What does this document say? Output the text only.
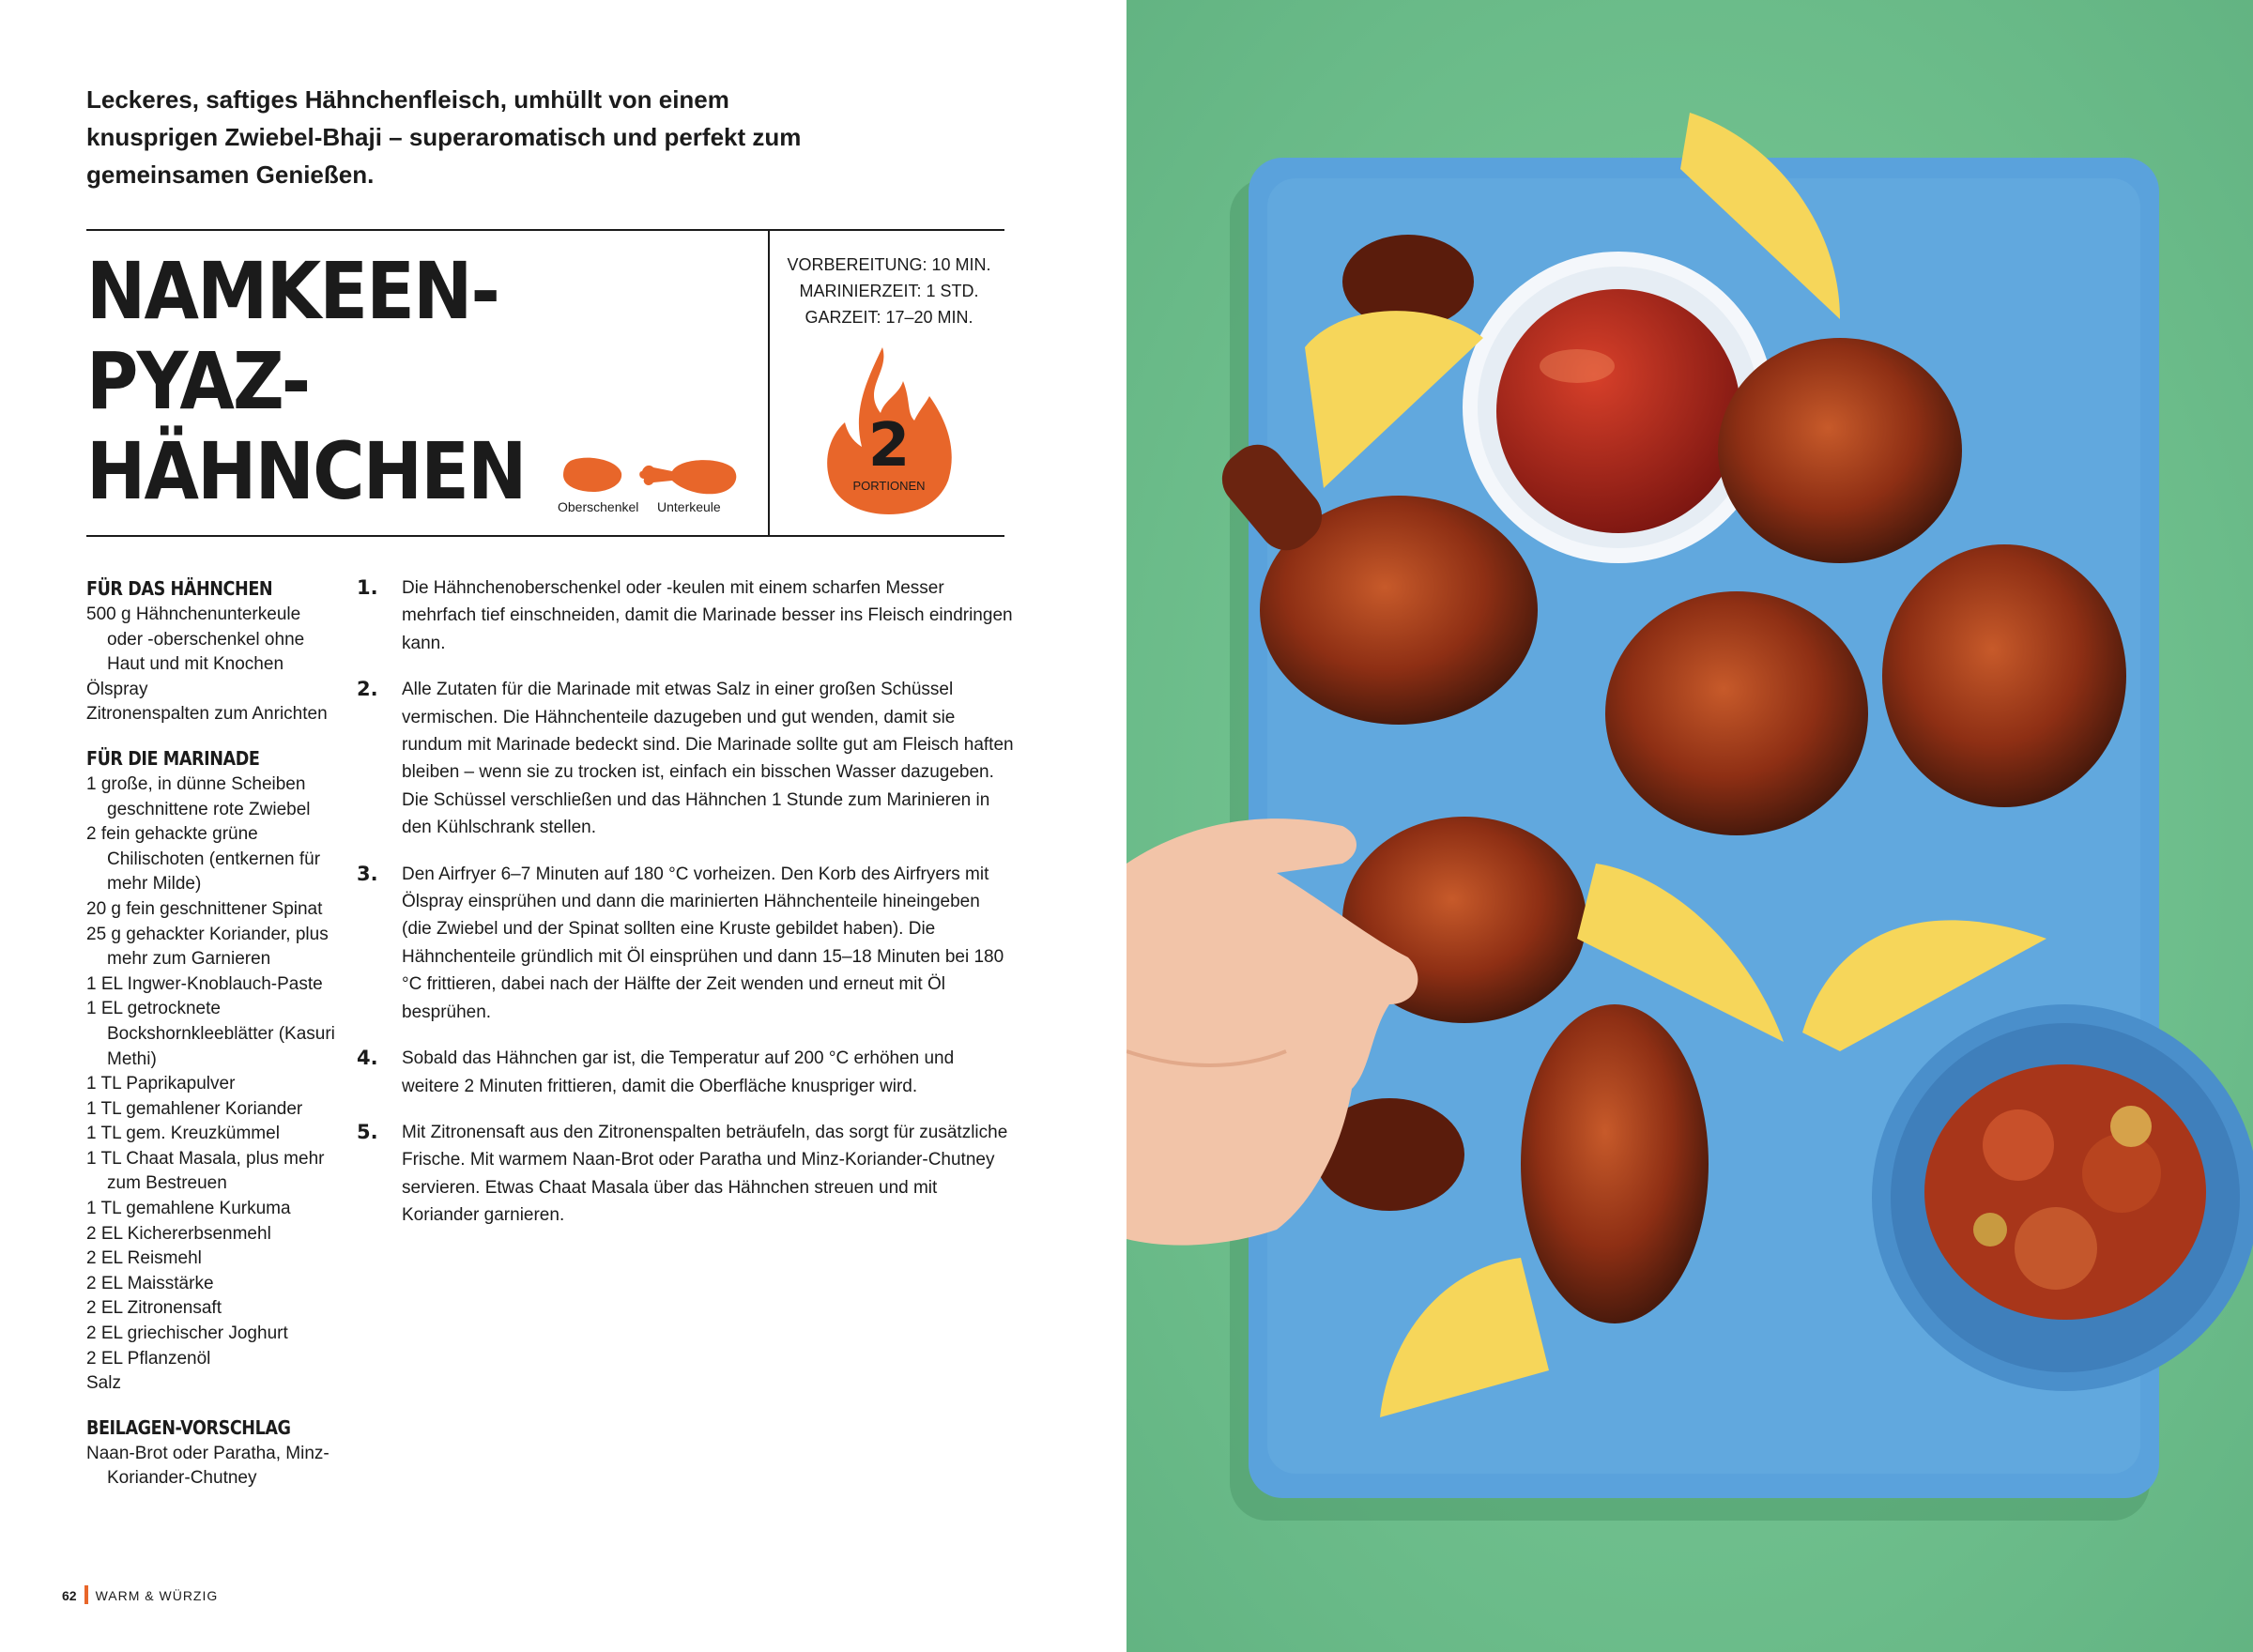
Leckeres, saftiges Hähnchenfleisch, umhüllt von einem knusprigen Zwiebel-Bhaji – superaromatisch und perfekt zum gemeinsamen Genießen.
NAMKEEN-PYAZ-
HÄHNCHEN
VORBEREITUNG: 10 MIN.
MARINIERZEIT: 1 STD.
GARZEIT: 17–20 MIN.
2
PORTIONEN
Oberschenkel Unterkeule
FÜR DAS HÄHNCHEN
500 g Hähnchenunterkeule oder -oberschenkel ohne Haut und mit Knochen
Ölspray
Zitronenspalten zum Anrichten
FÜR DIE MARINADE
1 große, in dünne Scheiben geschnittene rote Zwiebel
2 fein gehackte grüne Chilischoten (entkernen für mehr Milde)
20 g fein geschnittener Spinat
25 g gehackter Koriander, plus mehr zum Garnieren
1 EL Ingwer-Knoblauch-Paste
1 EL getrocknete Bockshornkleeblätter (Kasuri Methi)
1 TL Paprikapulver
1 TL gemahlener Koriander
1 TL gem. Kreuzkümmel
1 TL Chaat Masala, plus mehr zum Bestreuen
1 TL gemahlene Kurkuma
2 EL Kichererbsenmehl
2 EL Reismehl
2 EL Maisstärke
2 EL Zitronensaft
2 EL griechischer Joghurt
2 EL Pflanzenöl
Salz
BEILAGEN-VORSCHLAG
Naan-Brot oder Paratha, Minz-Koriander-Chutney
1. Die Hähnchenoberschenkel oder -keulen mit einem scharfen Messer mehrfach tief einschneiden, damit die Marinade besser ins Fleisch eindringen kann.
2. Alle Zutaten für die Marinade mit etwas Salz in einer großen Schüssel vermischen. Die Hähnchenteile dazugeben und gut wenden, damit sie rundum mit Marinade bedeckt sind. Die Marinade sollte gut am Fleisch haften bleiben – wenn sie zu trocken ist, einfach ein bisschen Wasser dazugeben. Die Schüssel verschließen und das Hähnchen 1 Stunde zum Marinieren in den Kühlschrank stellen.
3. Den Airfryer 6–7 Minuten auf 180 °C vorheizen. Den Korb des Airfryers mit Ölspray einsprühen und dann die marinierten Hähnchenteile hineingeben (die Zwiebel und der Spinat sollten eine Kruste gebildet haben). Die Hähnchenteile gründlich mit Öl einsprühen und dann 15–18 Minuten bei 180 °C frittieren, dabei nach der Hälfte der Zeit wenden und erneut mit Öl besprühen.
4. Sobald das Hähnchen gar ist, die Temperatur auf 200 °C erhöhen und weitere 2 Minuten frittieren, damit die Oberfläche knuspriger wird.
5. Mit Zitronensaft aus den Zitronenspalten beträufeln, das sorgt für zusätzliche Frische. Mit warmem Naan-Brot oder Paratha und Minz-Koriander-Chutney servieren. Etwas Chaat Masala über das Hähnchen streuen und mit Koriander garnieren.
62 WARM & WÜRZIG
